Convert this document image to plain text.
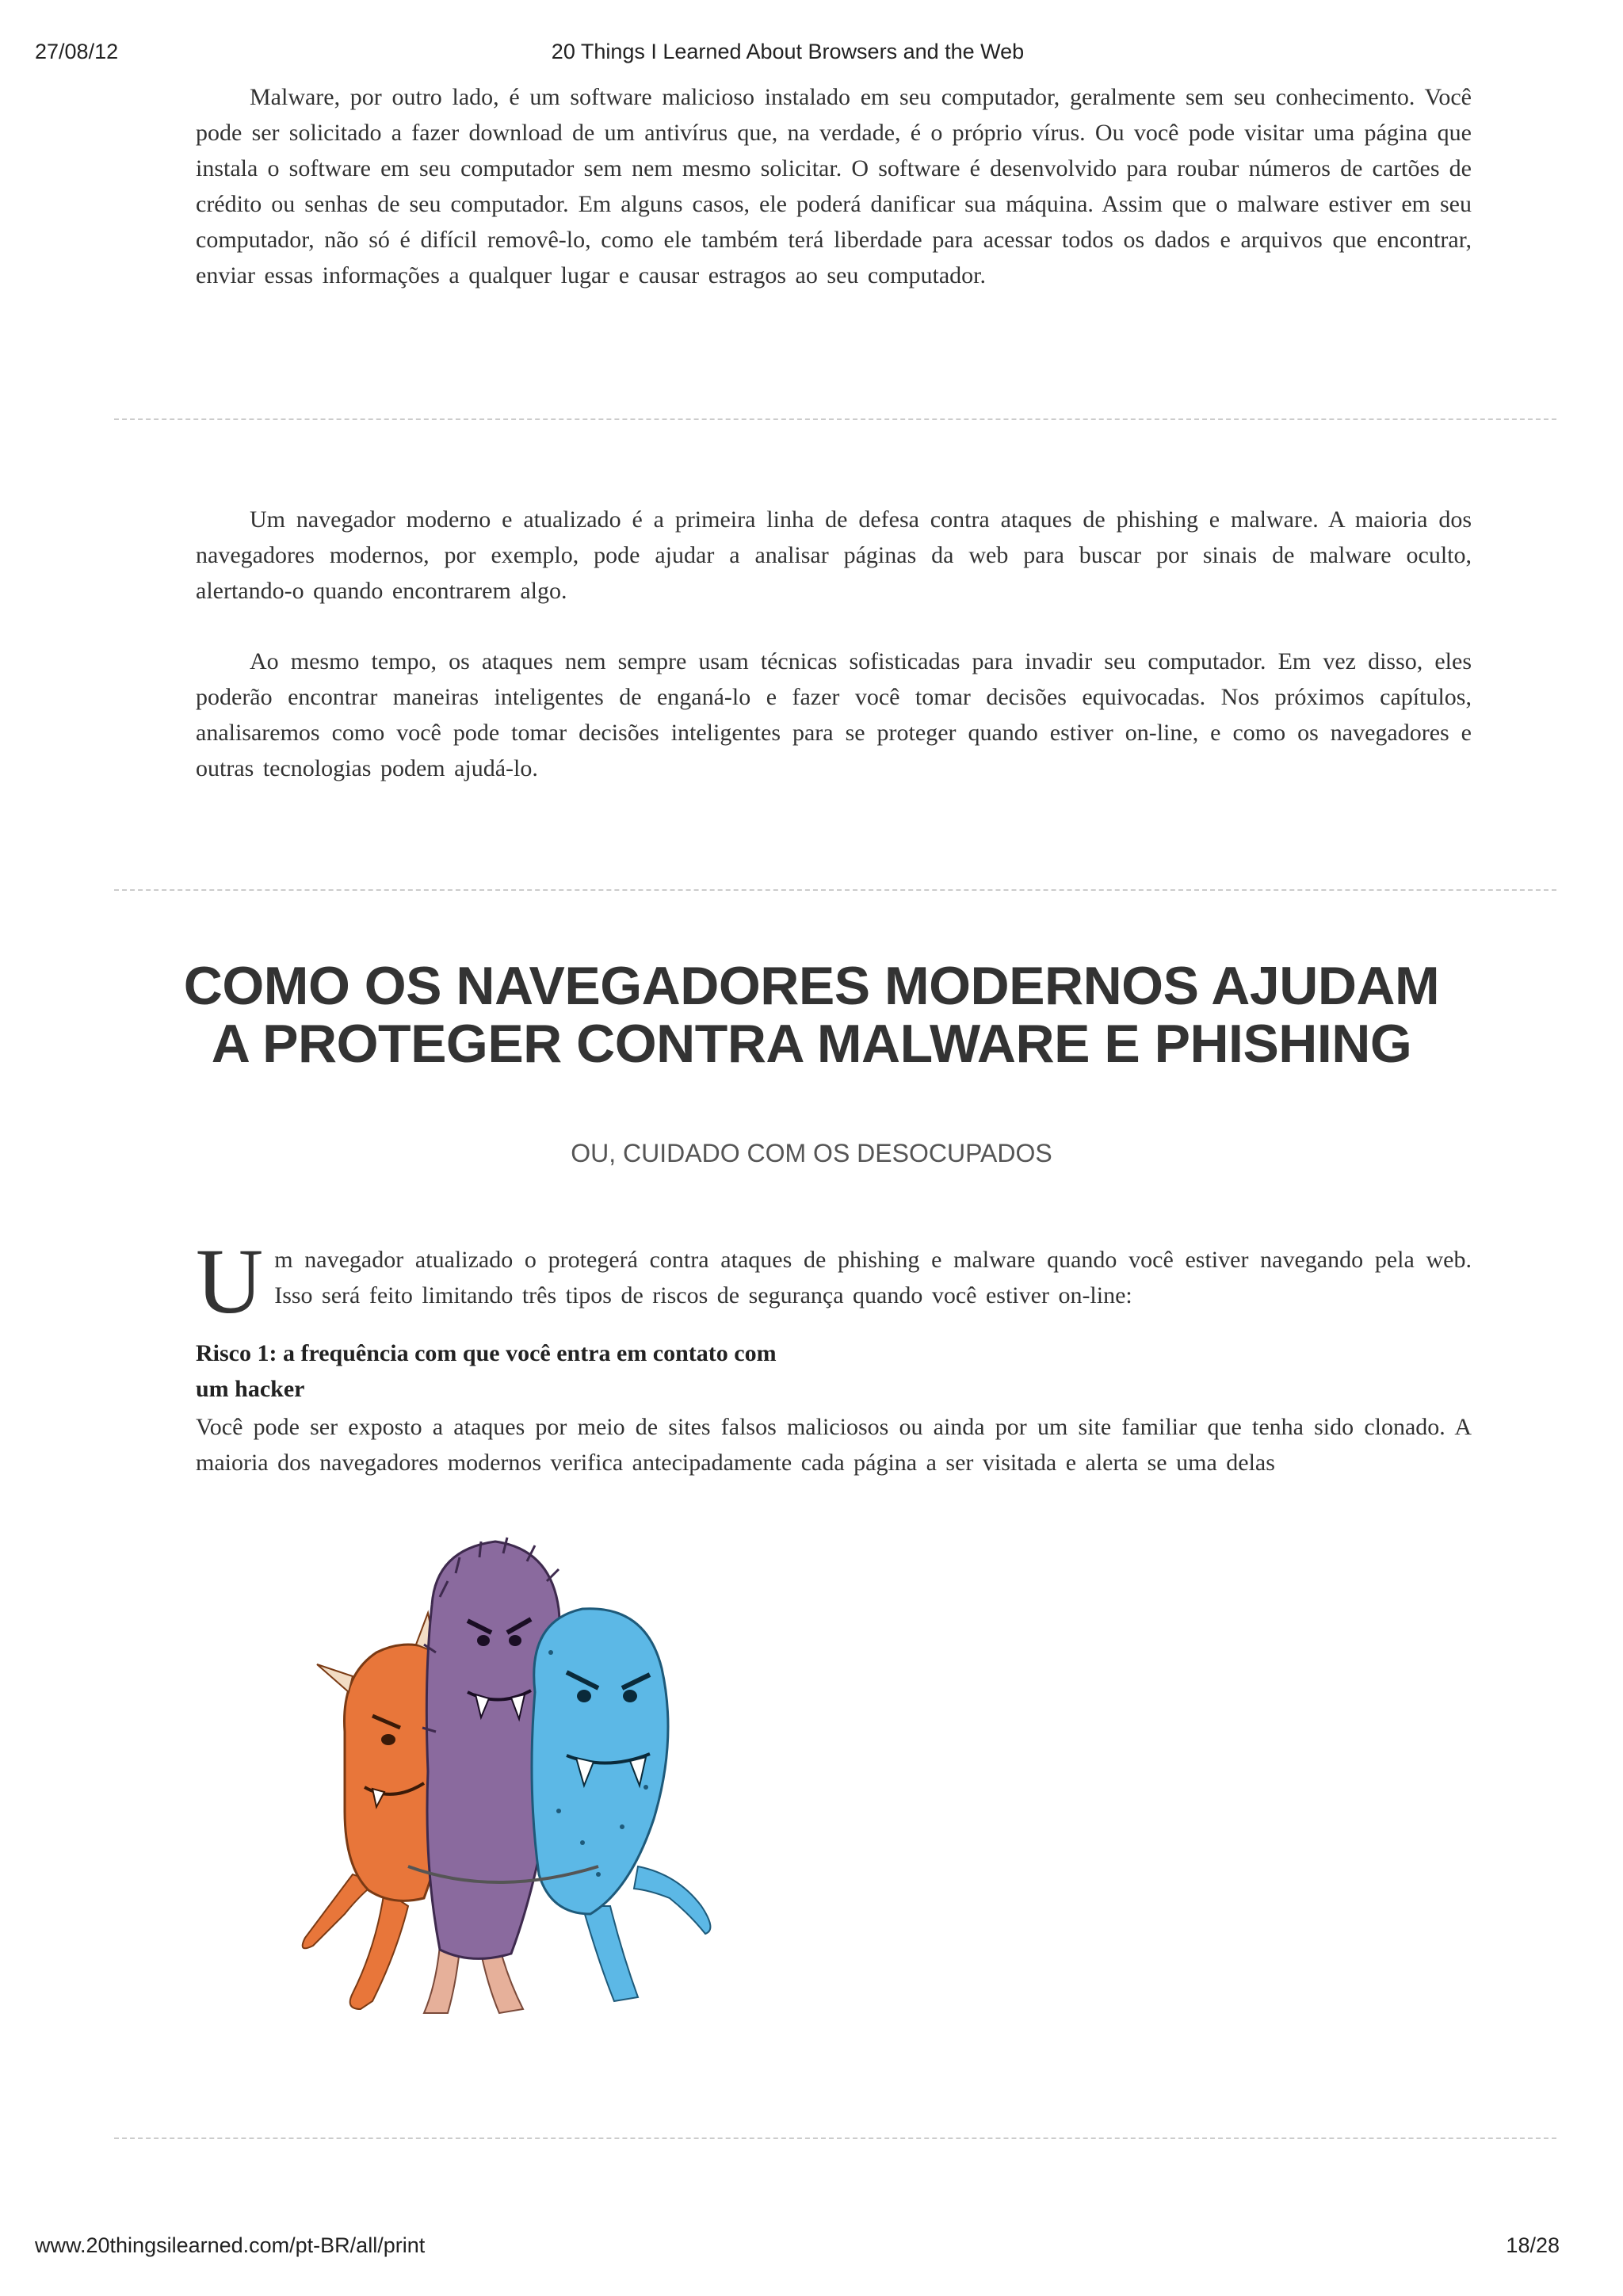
27/08/12	20 Things I Learned About Browsers and the Web

Malware, por outro lado, é um software malicioso instalado em seu computador, geralmente sem seu conhecimento. Você pode ser solicitado a fazer download de um antivírus que, na verdade, é o próprio vírus. Ou você pode visitar uma página que instala o software em seu computador sem nem mesmo solicitar. O software é desenvolvido para roubar números de cartões de crédito ou senhas de seu computador. Em alguns casos, ele poderá danificar sua máquina. Assim que o malware estiver em seu computador, não só é difícil removê-lo, como ele também terá liberdade para acessar todos os dados e arquivos que encontrar, enviar essas informações a qualquer lugar e causar estragos ao seu computador.

Um navegador moderno e atualizado é a primeira linha de defesa contra ataques de phishing e malware. A maioria dos navegadores modernos, por exemplo, pode ajudar a analisar páginas da web para buscar por sinais de malware oculto, alertando-o quando encontrarem algo.

Ao mesmo tempo, os ataques nem sempre usam técnicas sofisticadas para invadir seu computador. Em vez disso, eles poderão encontrar maneiras inteligentes de enganá-lo e fazer você tomar decisões equivocadas. Nos próximos capítulos, analisaremos como você pode tomar decisões inteligentes para se proteger quando estiver on-line, e como os navegadores e outras tecnologias podem ajudá-lo.

COMO OS NAVEGADORES MODERNOS AJUDAM A PROTEGER CONTRA MALWARE E PHISHING
OU, CUIDADO COM OS DESOCUPADOS
U m navegador atualizado o protegerá contra ataques de phishing e malware quando você estiver navegando pela web. Isso será feito limitando três tipos de riscos de segurança quando você estiver on-line:
Risco 1: a frequência com que você entra em contato com um hacker

Você pode ser exposto a ataques por meio de sites falsos maliciosos ou ainda por um site familiar que tenha sido clonado. A maioria dos navegadores modernos verifica antecipadamente cada página a ser visitada e alerta se uma delas

www.20thingsilearned.com/pt-BR/all/print	18/28
